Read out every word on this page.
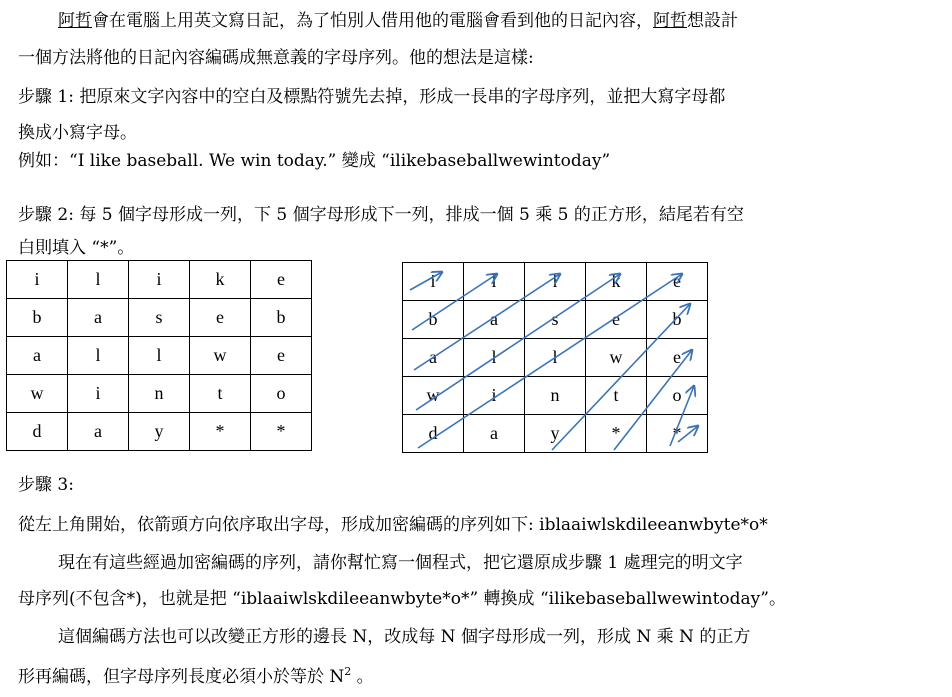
阿哲會在電腦上用英文寫日記，為了怕別人借用他的電腦會看到他的日記內容，阿哲想設計
一個方法將他的日記內容編碼成無意義的字母序列。他的想法是這樣:
步驟 1: 把原來文字內容中的空白及標點符號先去掉，形成一長串的字母序列，並把大寫字母都
換成小寫字母。
例如：“I like baseball. We win today.” 變成 “ilikebaseballwewintoday”
步驟 2: 每 5 個字母形成一列，下 5 個字母形成下一列，排成一個 5 乘 5 的正方形，結尾若有空
白則填入 “*”。
i	l	i	k	e
b	a	s	e	b
a	l	l	w	e
w	i	n	t	o
d	a	y	*	*
i	l	i	k	e
b	a	s	e	b
a	l	l	w	e
w	i	n	t	o
d	a	y	*	*
步驟 3:
從左上角開始，依箭頭方向依序取出字母，形成加密編碼的序列如下: iblaaiwlskdileeanwbyte*o*
現在有這些經過加密編碼的序列，請你幫忙寫一個程式，把它還原成步驟 1 處理完的明文字
母序列(不包含*)，也就是把 “iblaaiwlskdileeanwbyte*o*” 轉換成 “ilikebaseballwewintoday”。
這個編碼方法也可以改變正方形的邊長 N，改成每 N 個字母形成一列，形成 N 乘 N 的正方
形再編碼，但字母序列長度必須小於等於 $N^2$ 。
